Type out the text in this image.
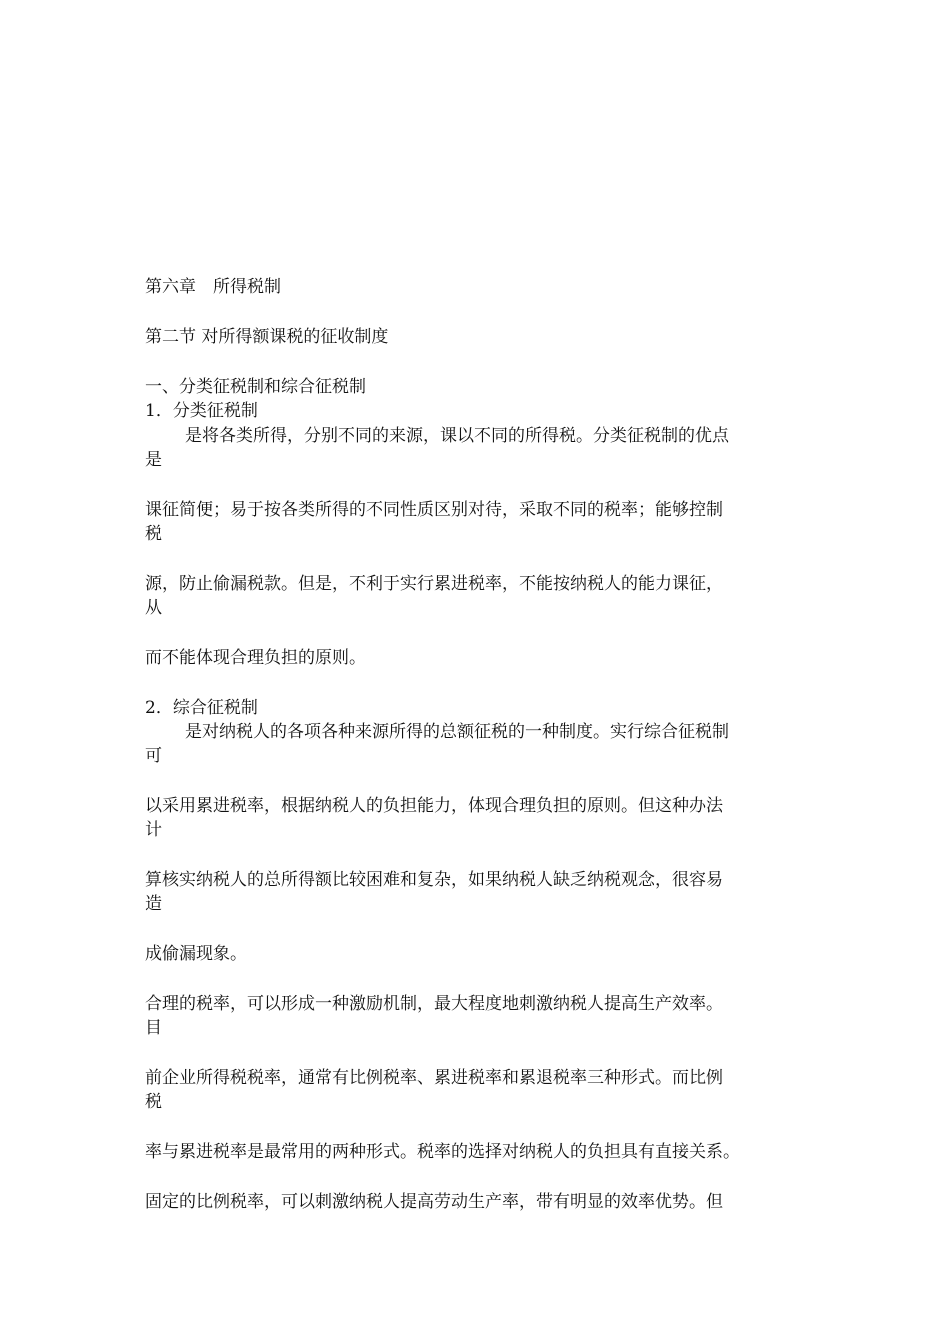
第六章　所得税制
第二节 对所得额课税的征收制度
一、分类征税制和综合征税制
1．分类征税制
是将各类所得，分别不同的来源，课以不同的所得税。分类征税制的优点
是
课征简便；易于按各类所得的不同性质区别对待，采取不同的税率；能够控制
税
源，防止偷漏税款。但是，不利于实行累进税率，不能按纳税人的能力课征，
从
而不能体现合理负担的原则。
2．综合征税制
是对纳税人的各项各种来源所得的总额征税的一种制度。实行综合征税制
可
以采用累进税率，根据纳税人的负担能力，体现合理负担的原则。但这种办法
计
算核实纳税人的总所得额比较困难和复杂，如果纳税人缺乏纳税观念，很容易
造
成偷漏现象。
合理的税率，可以形成一种激励机制，最大程度地刺激纳税人提高生产效率。
目
前企业所得税税率，通常有比例税率、累进税率和累退税率三种形式。而比例
税
率与累进税率是最常用的两种形式。税率的选择对纳税人的负担具有直接关系。
固定的比例税率，可以刺激纳税人提高劳动生产率，带有明显的效率优势。但
